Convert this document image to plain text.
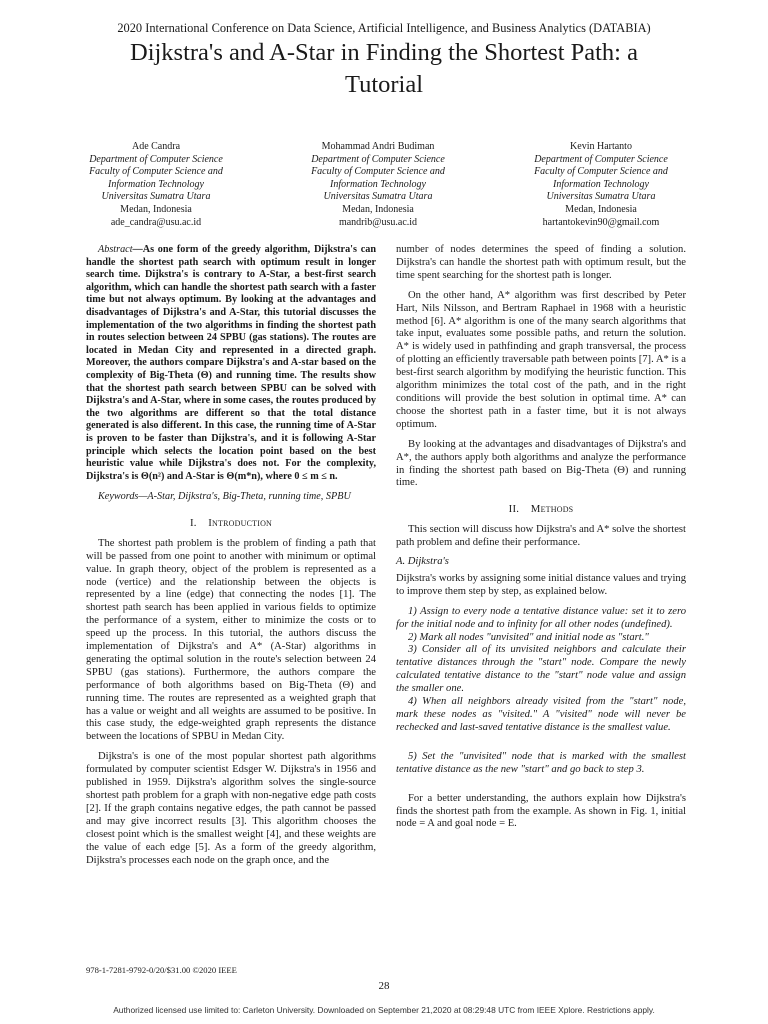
2020 International Conference on Data Science, Artificial Intelligence, and Business Analytics (DATABIA)
Dijkstra's and A-Star in Finding the Shortest Path: a
Tutorial
Ade Candra
Department of Computer Science
Faculty of Computer Science and
Information Technology
Universitas Sumatra Utara
Medan, Indonesia
ade_candra@usu.ac.id
Mohammad Andri Budiman
Department of Computer Science
Faculty of Computer Science and
Information Technology
Universitas Sumatra Utara
Medan, Indonesia
mandrib@usu.ac.id
Kevin Hartanto
Department of Computer Science
Faculty of Computer Science and
Information Technology
Universitas Sumatra Utara
Medan, Indonesia
hartantokevin90@gmail.com

Abstract—As one form of the greedy algorithm, Dijkstra's can handle the shortest path search with optimum result in longer search time. Dijkstra's is contrary to A-Star, a best-first search algorithm, which can handle the shortest path search with a faster time but not always optimum. By looking at the advantages and disadvantages of Dijkstra's and A-Star, this tutorial discusses the implementation of the two algorithms in finding the shortest path in routes selection between 24 SPBU (gas stations). The routes are located in Medan City and represented in a directed graph. Moreover, the authors compare Dijkstra's and A-star based on the complexity of Big-Theta (Θ) and running time. The results show that the shortest path search between SPBU can be solved with Dijkstra's and A-Star, where in some cases, the routes produced by the two algorithms are different so that the total distance generated is also different. In this case, the running time of A-Star is proven to be faster than Dijkstra's, and it is following A-Star principle which selects the location point based on the best heuristic value while Dijkstra's does not. For the complexity, Dijkstra's is Θ(n²) and A-Star is Θ(m*n), where 0 ≤ m ≤ n.

Keywords—A-Star, Dijkstra's, Big-Theta, running time, SPBU

I. Introduction

The shortest path problem is the problem of finding a path that will be passed from one point to another with minimum or optimal value. In graph theory, object of the problem is represented as a node (vertice) and the relationship between the objects is represented by a line (edge) that connecting the nodes [1]. The shortest path search has been applied in various fields to optimize the performance of a system, either to minimize the costs or to speed up the process. In this tutorial, the authors discuss the implementation of Dijkstra's and A* (A-Star) algorithms in generating the optimal solution in the route's selection between 24 SPBU (gas stations). Furthermore, the authors compare the performance of both algorithms based on Big-Theta (Θ) and running time. The routes are represented as a weighted graph that has a value or weight and all weights are assumed to be positive. In this case study, the edge-weighted graph represents the distance between the locations of SPBU in Medan City.

Dijkstra's is one of the most popular shortest path algorithms formulated by computer scientist Edsger W. Dijkstra's in 1956 and published in 1959. Dijkstra's algorithm solves the single-source shortest path problem for a graph with non-negative edge path costs [2]. If the graph contains negative edges, the path cannot be passed and may give incorrect results [3]. This algorithm chooses the closest point which is the smallest weight [4], and these weights are the value of each edge [5]. As a form of the greedy algorithm, Dijkstra's processes each node on the graph once, and the

number of nodes determines the speed of finding a solution. Dijkstra's can handle the shortest path with optimum result, but the time spent searching for the shortest path is longer.

On the other hand, A* algorithm was first described by Peter Hart, Nils Nilsson, and Bertram Raphael in 1968 with a heuristic method [6]. A* algorithm is one of the many search algorithms that take input, evaluates some possible paths, and return the solution. A* is widely used in pathfinding and graph transversal, the process of plotting an efficiently traversable path between points [7]. A* is a best-first search algorithm by modifying the heuristic function. This algorithm minimizes the total cost of the path, and in the right conditions will provide the best solution in optimal time. A* can choose the shortest path in a faster time, but it is not always optimum.

By looking at the advantages and disadvantages of Dijkstra's and A*, the authors apply both algorithms and analyze the performance in finding the shortest path based on Big-Theta (Θ) and running time.

II. Methods

This section will discuss how Dijkstra's and A* solve the shortest path problem and define their performance.

A. Dijkstra's

Dijkstra's works by assigning some initial distance values and trying to improve them step by step, as explained below.

1) Assign to every node a tentative distance value: set it to zero for the initial node and to infinity for all other nodes (undefined).

2) Mark all nodes "unvisited" and initial node as "start."

3) Consider all of its unvisited neighbors and calculate their tentative distances through the "start" node. Compare the newly calculated tentative distance to the "start" node value and assign the smaller one.

4) When all neighbors already visited from the "start" node, mark these nodes as "visited." A "visited" node will never be rechecked and last-saved tentative distance is the smallest value.

5) Set the "unvisited" node that is marked with the smallest tentative distance as the new "start" and go back to step 3.

For a better understanding, the authors explain how Dijkstra's finds the shortest path from the example. As shown in Fig. 1, initial node = A and goal node = E.

978-1-7281-9792-0/20/$31.00 ©2020 IEEE
28
Authorized licensed use limited to: Carleton University. Downloaded on September 21,2020 at 08:29:48 UTC from IEEE Xplore. Restrictions apply.
